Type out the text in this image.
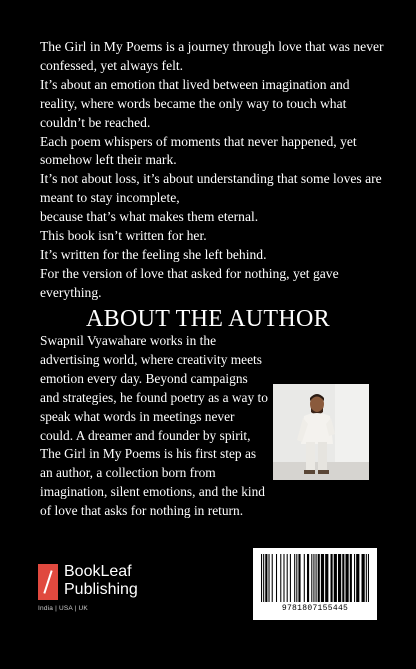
The Girl in My Poems is a journey through love that was never confessed, yet always felt.

It’s about an emotion that lived between imagination and reality, where words became the only way to touch what couldn’t be reached.

Each poem whispers of moments that never happened, yet somehow left their mark.

It’s not about loss, it’s about understanding that some loves are meant to stay incomplete,

because that’s what makes them eternal.

This book isn’t written for her.

It’s written for the feeling she left behind.

For the version of love that asked for nothing, yet gave everything.

ABOUT THE AUTHOR

Swapnil Vyawahare works in the advertising world, where creativity meets emotion every day. Beyond campaigns and strategies, he found poetry as a way to speak what words in meetings never could. A dreamer and founder by spirit, The Girl in My Poems is his first step as an author, a collection born from imagination, silent emotions, and the kind of love that asks for nothing in return.

BookLeaf
Publishing
India | USA | UK	9781807155445
